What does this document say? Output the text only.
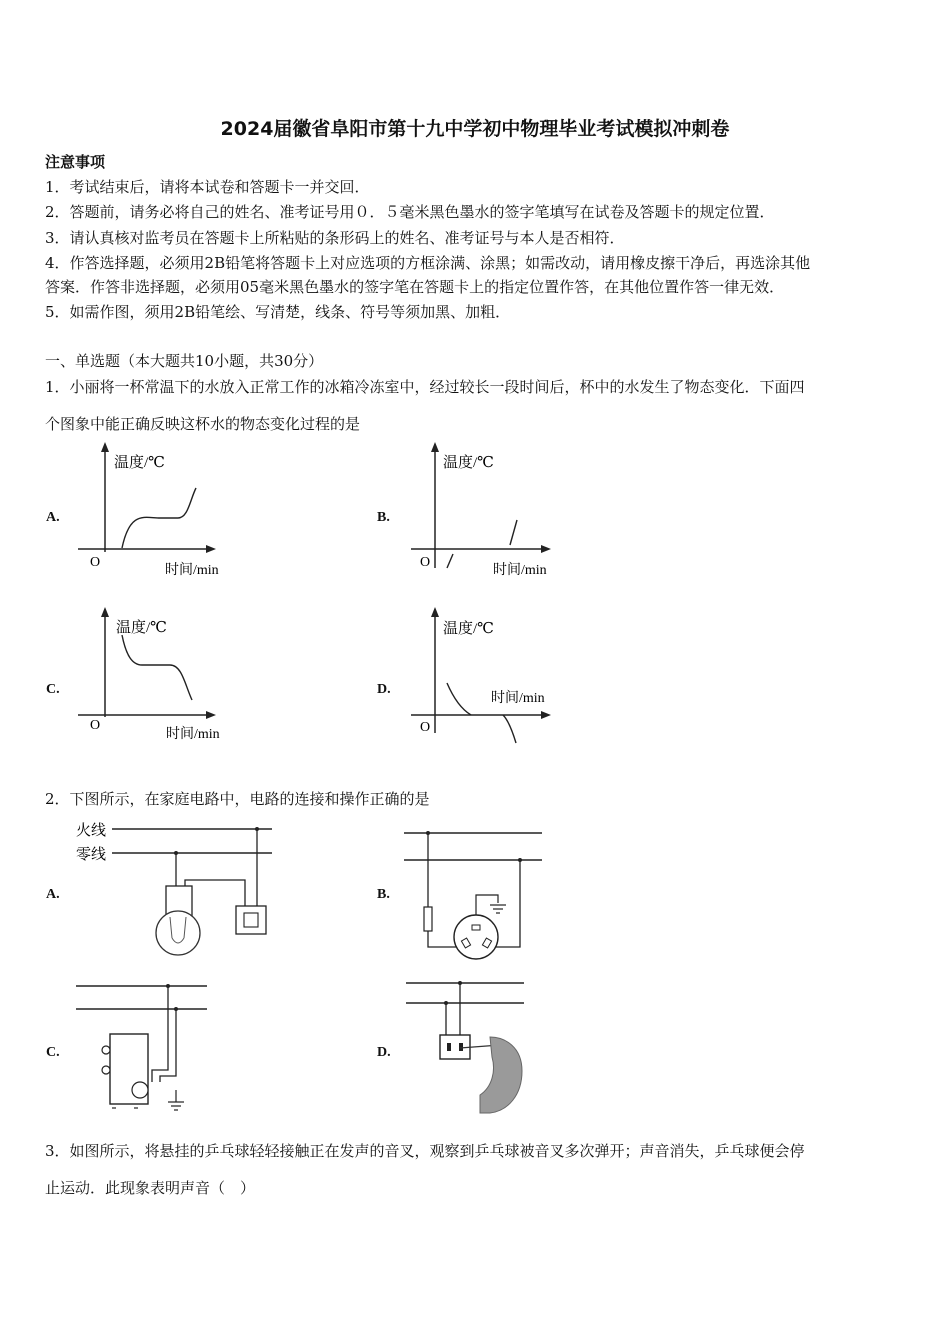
2024届徽省阜阳市第十九中学初中物理毕业考试模拟冲刺卷
注意事项
1．考试结束后，请将本试卷和答题卡一并交回．
2．答题前，请务必将自己的姓名、准考证号用０．５毫米黑色墨水的签字笔填写在试卷及答题卡的规定位置．
3．请认真核对监考员在答题卡上所粘贴的条形码上的姓名、准考证号与本人是否相符．
4．作答选择题，必须用2B铅笔将答题卡上对应选项的方框涂满、涂黑；如需改动，请用橡皮擦干净后，再选涂其他
答案．作答非选择题，必须用05毫米黑色墨水的签字笔在答题卡上的指定位置作答，在其他位置作答一律无效．
5．如需作图，须用2B铅笔绘、写清楚，线条、符号等须加黑、加粗．
一、单选题（本大题共10小题，共30分）
1．小丽将一杯常温下的水放入正常工作的冰箱冷冻室中，经过较长一段时间后，杯中的水发生了物态变化．下面四
个图象中能正确反映这杯水的物态变化过程的是
A.
温度/℃
时间/min
O
B.
温度/℃
时间/min
O
C.
温度/℃
时间/min
O
D.
温度/℃
时间/min
O
2．下图所示，在家庭电路中，电路的连接和操作正确的是
A.
火线
零线
B.
C.	D.
3．如图所示，将悬挂的乒乓球轻轻接触正在发声的音叉，观察到乒乓球被音叉多次弹开；声音消失，乒乓球便会停
止运动．此现象表明声音（　）
